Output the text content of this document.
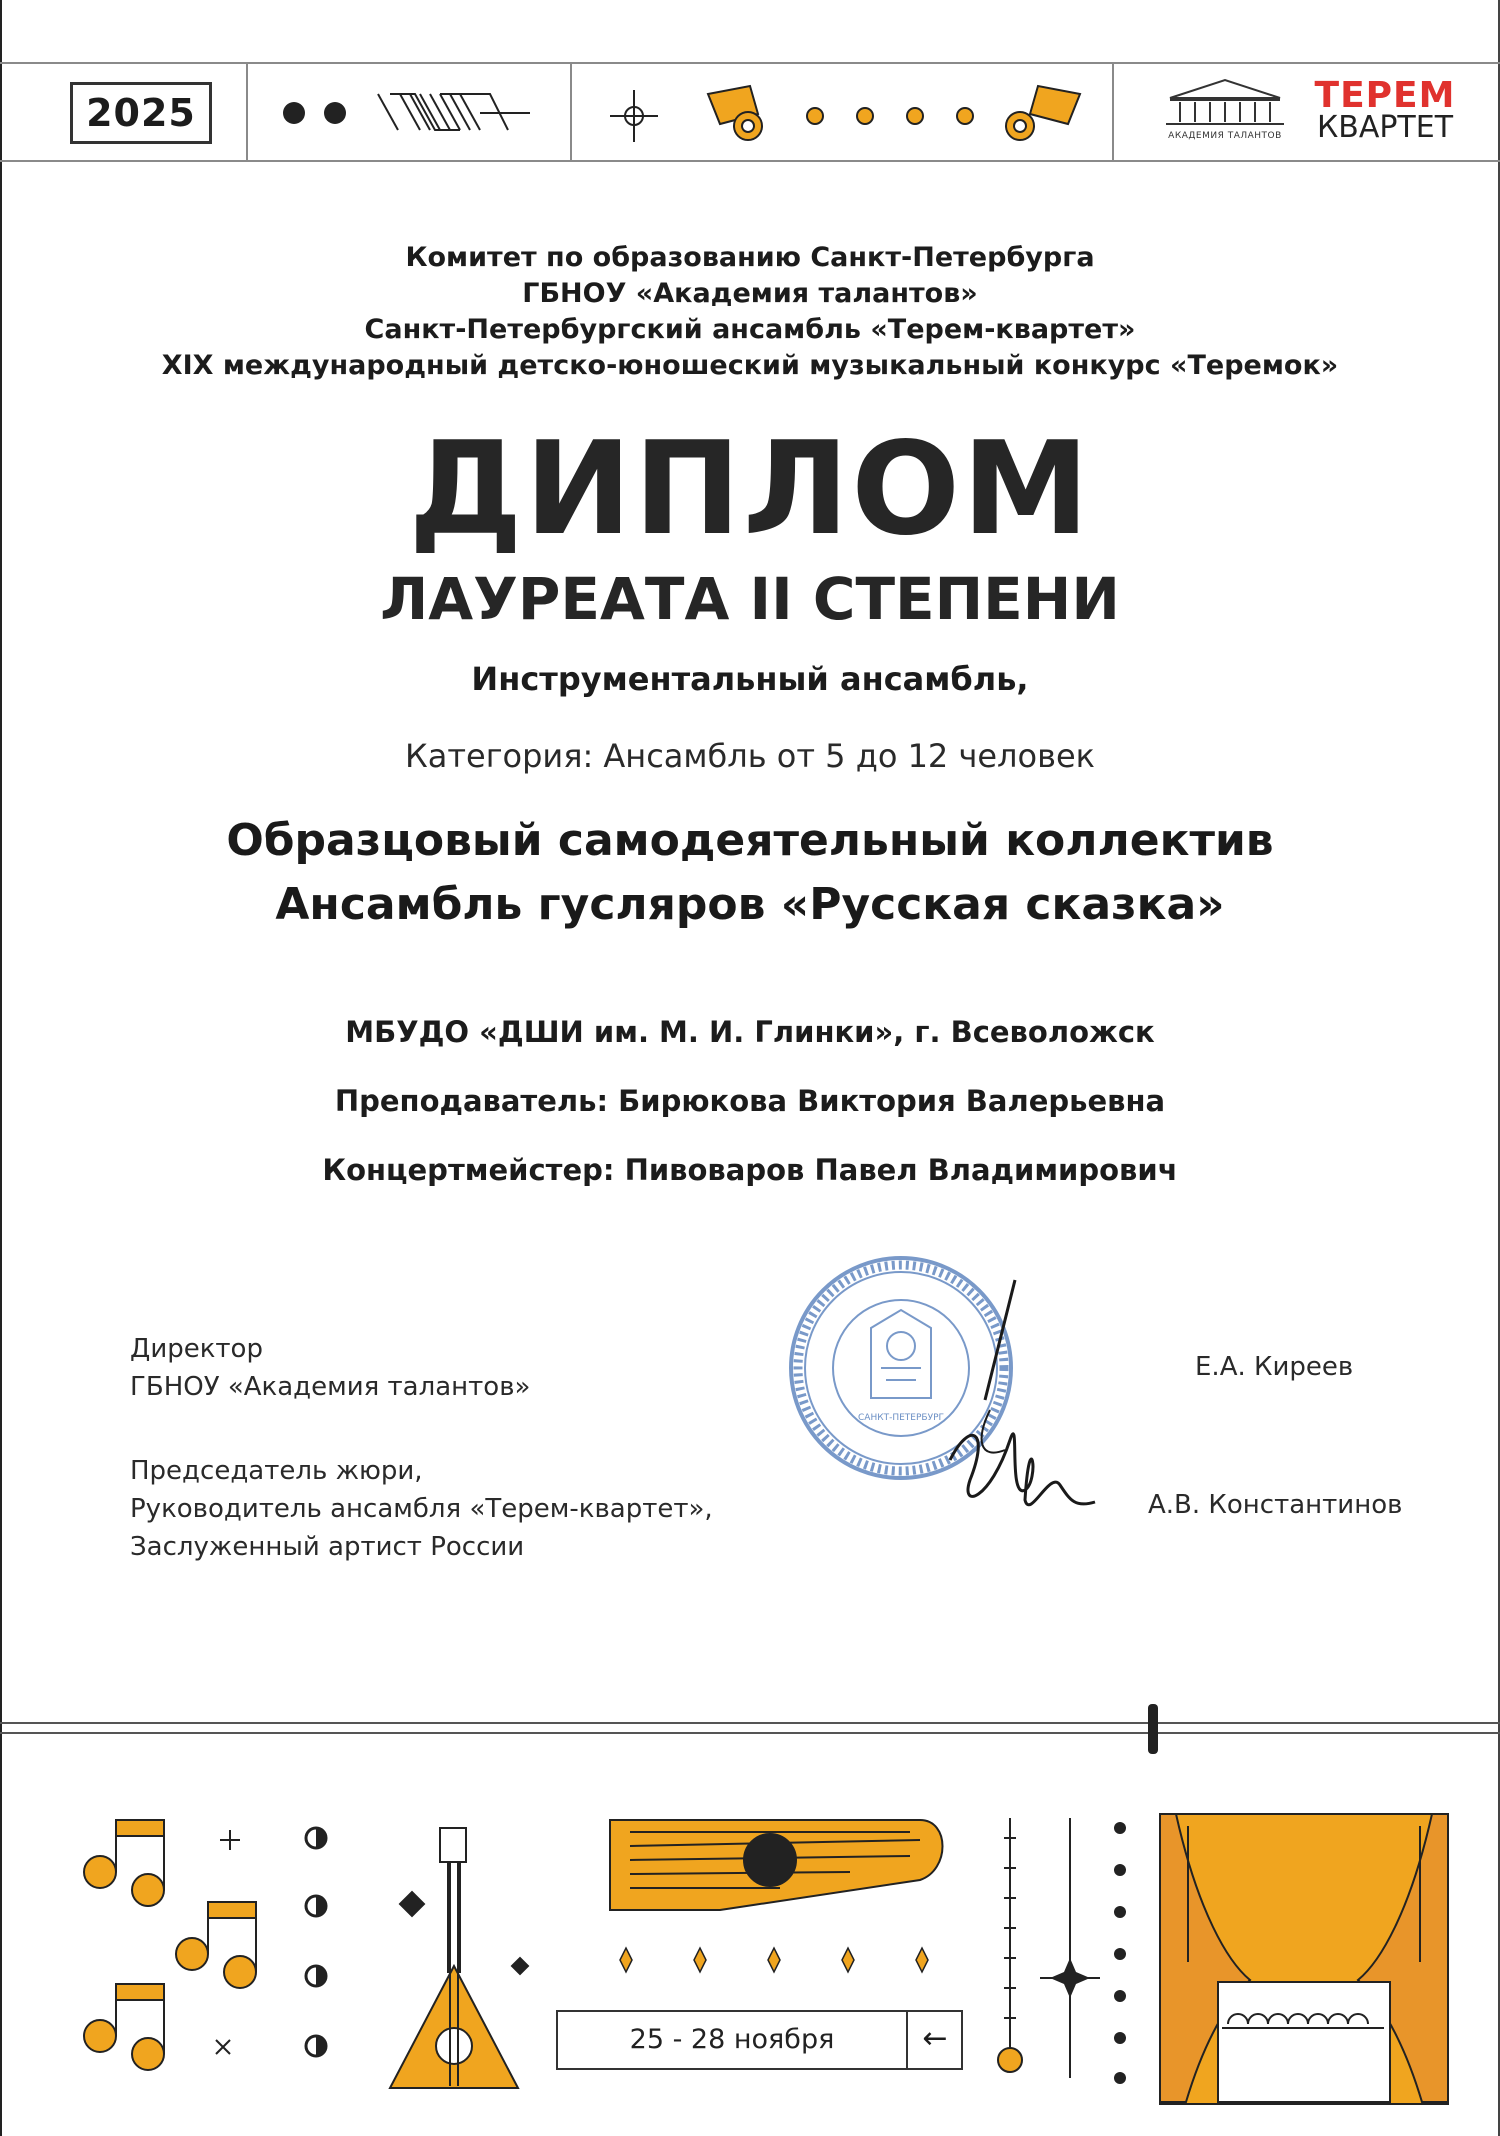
2025
АКАДЕМИЯ ТАЛАНТОВ
ТЕРЕМ
КВАРТЕТ
Комитет по образованию Санкт-Петербурга
ГБНОУ «Академия талантов»
Санкт-Петербургский ансамбль «Терем-квартет»
XIX международный детско-юношеский музыкальный конкурс «Теремок»
ДИПЛОМ
ЛАУРЕАТА II СТЕПЕНИ
Инструментальный ансамбль,
Категория: Ансамбль от 5 до 12 человек
Образцовый самодеятельный коллектив
Ансамбль гусляров «Русская сказка»
МБУДО «ДШИ им. М. И. Глинки», г. Всеволожск
Преподаватель: Бирюкова Виктория Валерьевна
Концертмейстер: Пивоваров Павел Владимирович
САНКТ-ПЕТЕРБУРГ
Директор
ГБНОУ «Академия талантов»
Е.А. Киреев
Председатель жюри,
Руководитель ансамбля «Терем-квартет»,
Заслуженный артист России
А.В. Константинов
25 - 28 ноября	←
